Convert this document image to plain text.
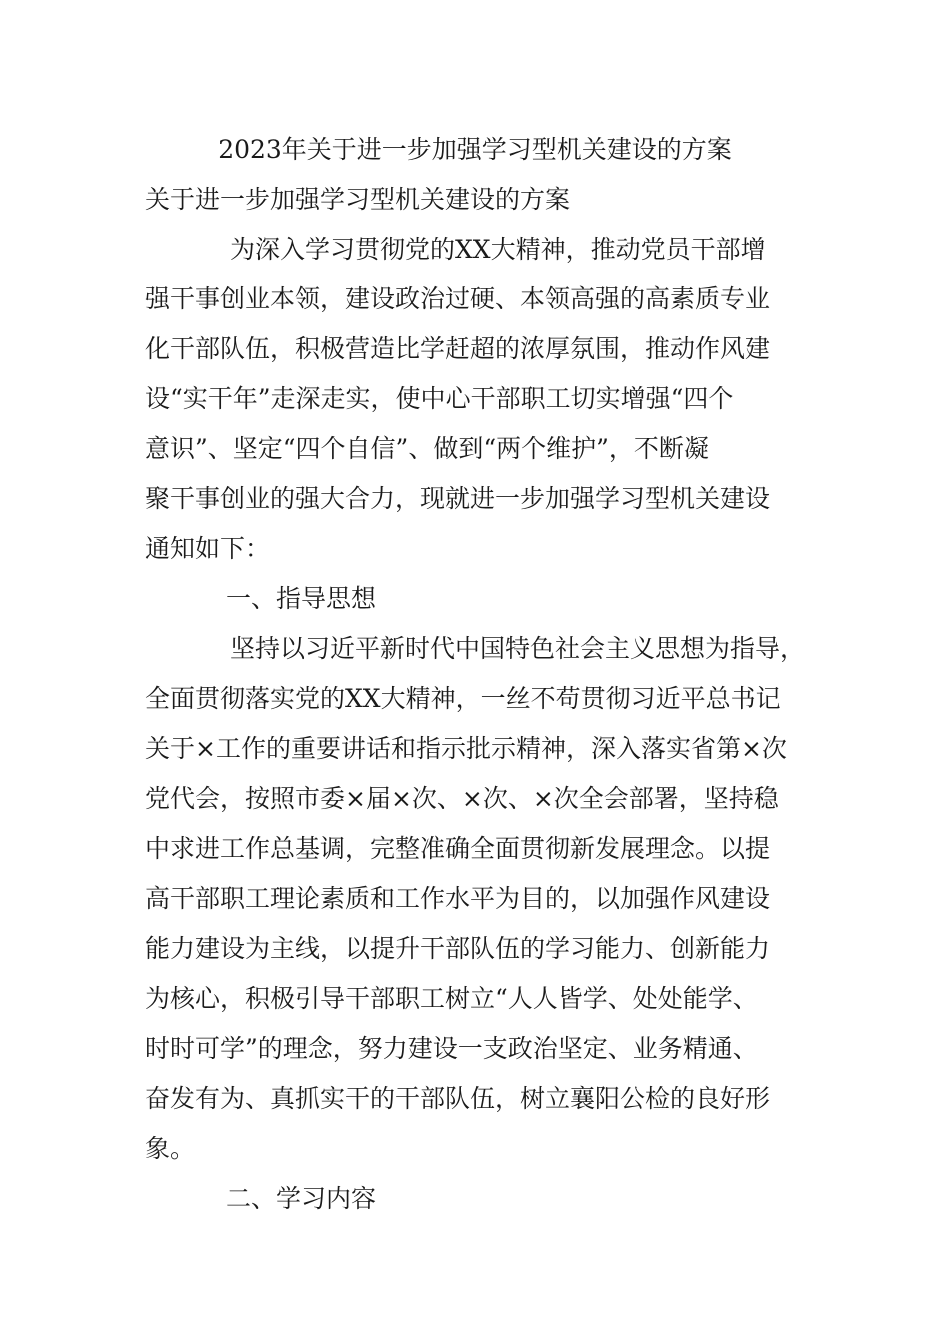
2023年关于进一步加强学习型机关建设的方案
关于进一步加强学习型机关建设的方案

为深入学习贯彻党的XX大精神，推动党员干部增

强干事创业本领，建设政治过硬、本领高强的高素质专业

化干部队伍，积极营造比学赶超的浓厚氛围，推动作风建

设“实干年”走深走实，使中心干部职工切实增强“四个

意识”、坚定“四个自信”、做到“两个维护”，不断凝

聚干事创业的强大合力，现就进一步加强学习型机关建设

通知如下：

一、指导思想

坚持以习近平新时代中国特色社会主义思想为指导，

全面贯彻落实党的XX大精神，一丝不苟贯彻习近平总书记

关于×工作的重要讲话和指示批示精神，深入落实省第×次

党代会，按照市委×届×次、×次、×次全会部署，坚持稳

中求进工作总基调，完整准确全面贯彻新发展理念。以提

高干部职工理论素质和工作水平为目的，以加强作风建设

能力建设为主线，以提升干部队伍的学习能力、创新能力

为核心，积极引导干部职工树立“人人皆学、处处能学、

时时可学”的理念，努力建设一支政治坚定、业务精通、

奋发有为、真抓实干的干部队伍，树立襄阳公检的良好形

象。

二、学习内容
